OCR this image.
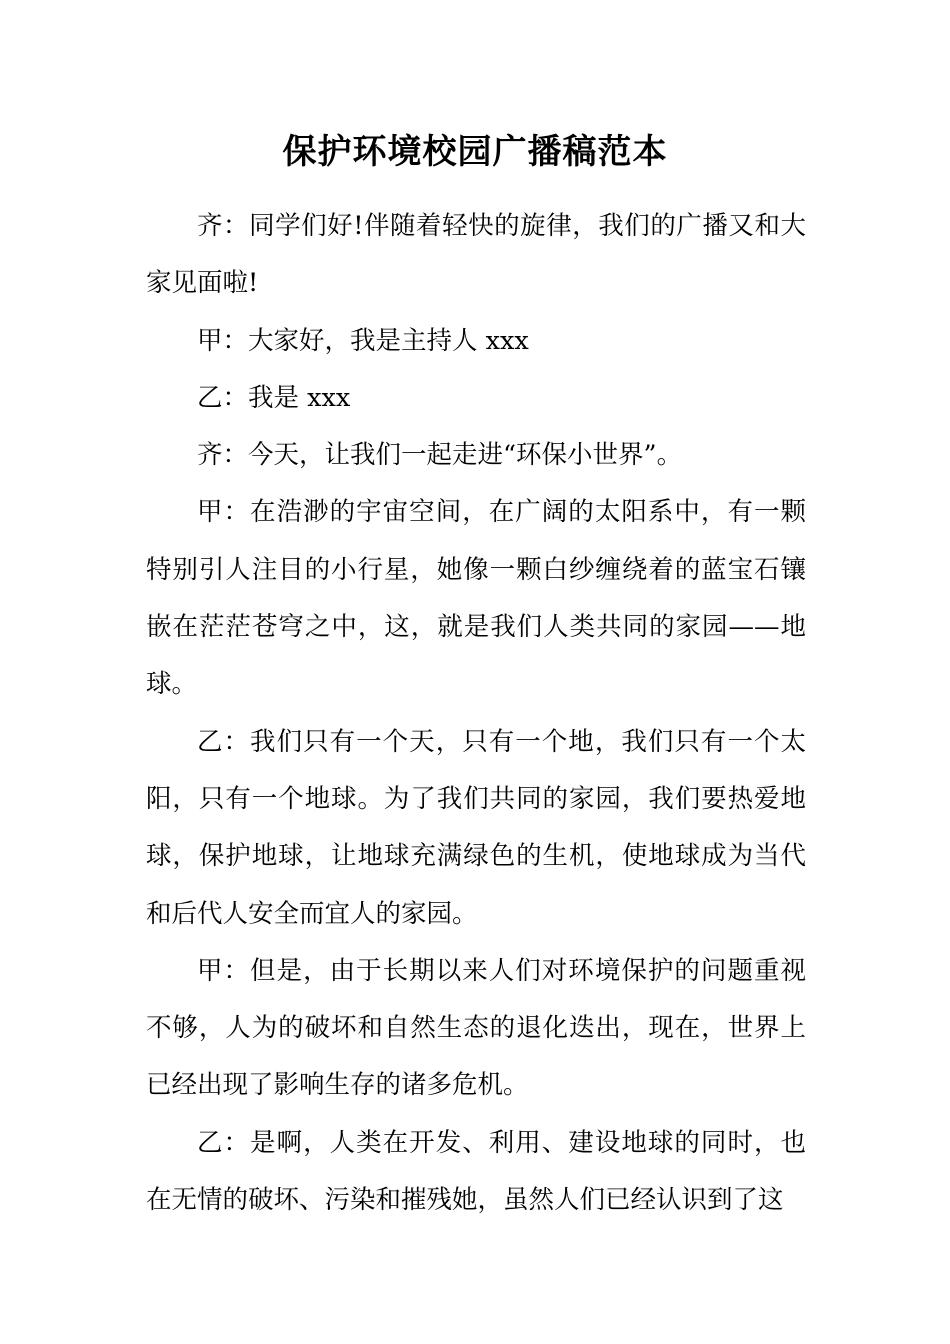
保护环境校园广播稿范本

齐：同学们好!伴随着轻快的旋律，我们的广播又和大家见面啦!

甲：大家好，我是主持人 xxx

乙：我是 xxx

齐：今天，让我们一起走进“环保小世界”。

甲：在浩渺的宇宙空间，在广阔的太阳系中，有一颗特别引人注目的小行星，她像一颗白纱缠绕着的蓝宝石镶嵌在茫茫苍穹之中，这，就是我们人类共同的家园——地球。

乙：我们只有一个天，只有一个地，我们只有一个太阳，只有一个地球。为了我们共同的家园，我们要热爱地球，保护地球，让地球充满绿色的生机，使地球成为当代和后代人安全而宜人的家园。

甲：但是，由于长期以来人们对环境保护的问题重视不够，人为的破坏和自然生态的退化迭出，现在，世界上已经出现了影响生存的诸多危机。

乙：是啊，人类在开发、利用、建设地球的同时，也在无情的破坏、污染和摧残她，虽然人们已经认识到了这
